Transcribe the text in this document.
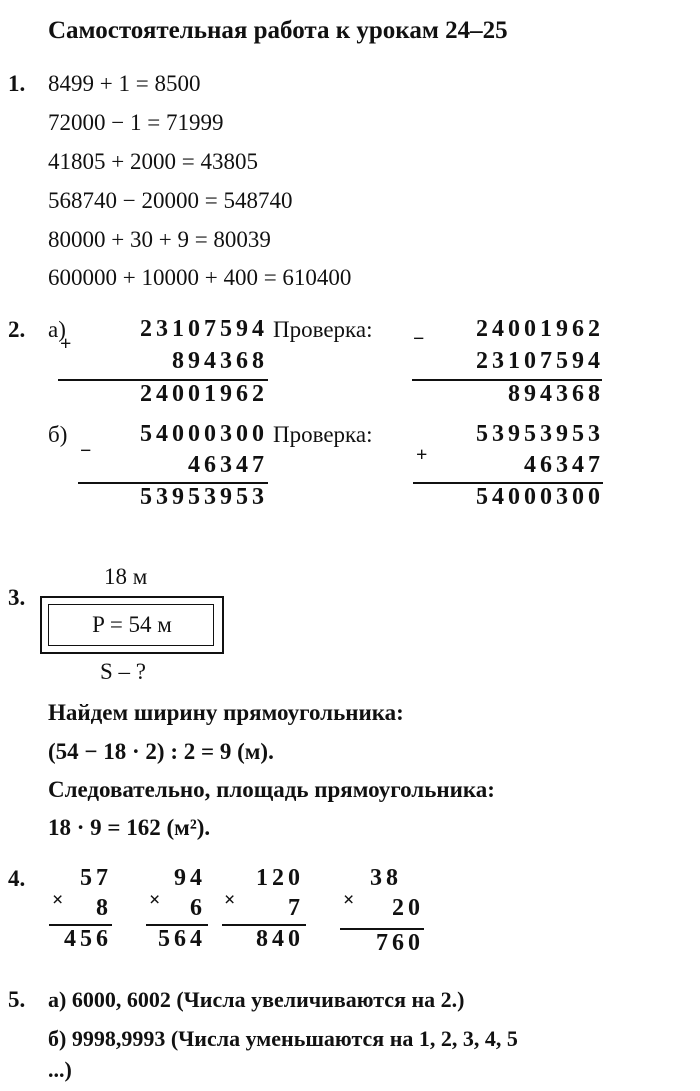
Самостоятельная работа к урокам 24–25
1. 8499 + 1 = 8500
72000 − 1 = 71999
41805 + 2000 = 43805
568740 − 20000 = 548740
80000 + 30 + 9 = 80039
600000 + 10000 + 400 = 610400
2. а)
+
23107594
894368
24001962
Проверка: −	24001962
23107594
894368
б)
−
54000300
46347
53953953
Проверка:
+
53953953
46347
54000300
3.
18 м
P = 54 м
S – ?
Найдем ширину прямоугольника:
(54 − 18 · 2) : 2 = 9 (м).
Следовательно, площадь прямоугольника:
18 · 9 = 162 (м²).
4.
×
57
8
456
×
94
6
564
×
120
7
840
×
38
20
760
5. а) 6000, 6002 (Числа увеличиваются на 2.)
б) 9998,9993 (Числа уменьшаются на 1, 2, 3, 4, 5
...)
